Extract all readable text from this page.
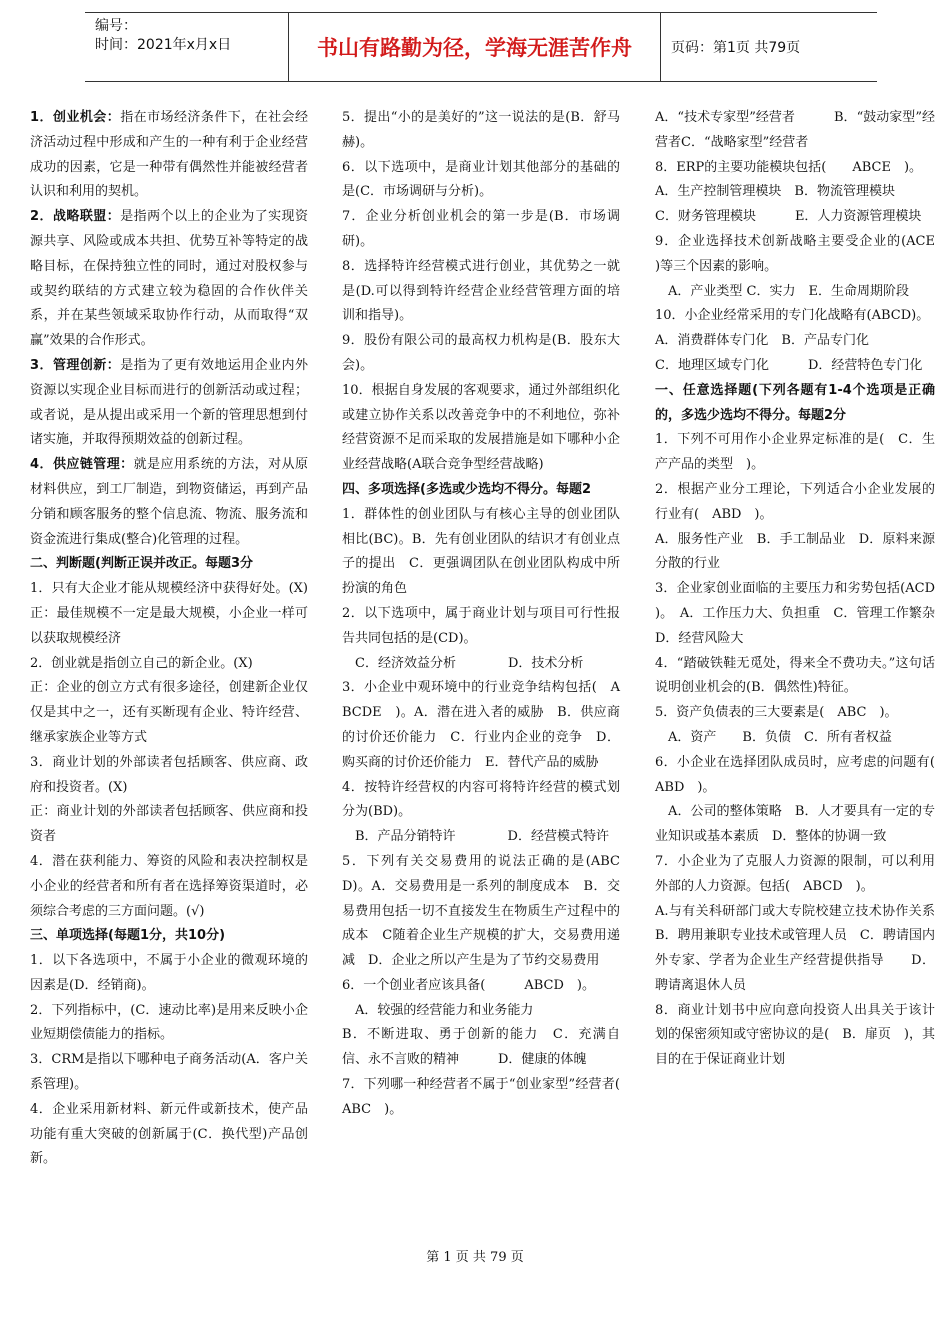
编号：
时间：2021年x月x日	书山有路勤为径，学海无涯苦作舟	页码：第1页 共79页

1．创业机会：指在市场经济条件下，在社会经济活动过程中形成和产生的一种有利于企业经营成功的因素，它是一种带有偶然性并能被经营者认识和利用的契机。

2．战略联盟：是指两个以上的企业为了实现资源共享、风险或成本共担、优势互补等特定的战略目标，在保持独立性的同时，通过对股权参与或契约联结的方式建立较为稳固的合作伙伴关系，并在某些领域采取协作行动，从而取得“双赢”效果的合作形式。

3．管理创新：是指为了更有效地运用企业内外资源以实现企业目标而进行的创新活动或过程；或者说，是从提出或采用一个新的管理思想到付诸实施，并取得预期效益的创新过程。

4．供应链管理：就是应用系统的方法，对从原材料供应，到工厂制造，到物资储运，再到产品分销和顾客服务的整个信息流、物流、服务流和资金流进行集成(整合)化管理的过程。

二、判断题(判断正误并改正。每题3分

1．只有大企业才能从规模经济中获得好处。(X)　正：最佳规模不一定是最大规模，小企业一样可以获取规模经济

2．创业就是指创立自己的新企业。(X)

正：企业的创立方式有很多途径，创建新企业仅仅是其中之一，还有买断现有企业、特许经营、继承家族企业等方式

3．商业计划的外部读者包括顾客、供应商、政府和投资者。(X)

正：商业计划的外部读者包括顾客、供应商和投资者

4．潜在获利能力、筹资的风险和表决控制权是小企业的经营者和所有者在选择筹资渠道时，必须综合考虑的三方面问题。(√)

三、单项选择(每题1分，共10分)

1．以下各选项中，不属于小企业的微观环境的因素是(D．经销商)。

2．下列指标中，(C．速动比率)是用来反映小企业短期偿债能力的指标。

3．CRM是指以下哪种电子商务活动(A．客户关系管理)。

4．企业采用新材料、新元件或新技术，使产品功能有重大突破的创新属于(C．换代型)产品创新。

5．提出“小的是美好的”这一说法的是(B．舒马赫)。

6．以下选项中，是商业计划其他部分的基础的是(C．市场调研与分析)。

7．企业分析创业机会的第一步是(B．市场调研)。

8．选择特许经营模式进行创业，其优势之一就是(D.可以得到特许经营企业经营管理方面的培训和指导)。

9．股份有限公司的最高权力机构是(B．股东大会)。

10．根据自身发展的客观要求，通过外部组织化或建立协作关系以改善竞争中的不利地位，弥补经营资源不足而采取的发展措施是如下哪种小企业经营战略(A联合竞争型经营战略)

四、多项选择(多选或少选均不得分。每题2

1．群体性的创业团队与有核心主导的创业团队相比(BC)。B．先有创业团队的结识才有创业点子的提出　C．更强调团队在创业团队构成中所扮演的角色

2．以下选项中，属于商业计划与项目可行性报告共同包括的是(CD)。

　C．经济效益分析　　　　D．技术分析

3．小企业中观环境中的行业竞争结构包括(　ABCDE　)。A．潜在进入者的威胁　B．供应商的讨价还价能力　C．行业内企业的竞争　D．购买商的讨价还价能力　E．替代产品的威胁

4．按特许经营权的内容可将特许经营的模式划分为(BD)。

　B．产品分销特许　　　　D．经营模式特许

5．下列有关交易费用的说法正确的是(ABCD)。A．交易费用是一系列的制度成本　B．交易费用包括一切不直接发生在物质生产过程中的成本　C随着企业生产规模的扩大，交易费用递减　D．企业之所以产生是为了节约交易费用

6．一个创业者应该具备(　　　ABCD　)。

　A．较强的经营能力和业务能力

B．不断进取、勇于创新的能力　C．充满自信、永不言败的精神　　　D．健康的体魄

7．下列哪一种经营者不属于“创业家型”经营者(　　　ABC　)。

A．“技术专家型”经营者　　　B．“鼓动家型”经营者C．“战略家型”经营者

8．ERP的主要功能模块包括(　　ABCE　)。

A．生产控制管理模块　B．物流管理模块

C．财务管理模块　　　E．人力资源管理模块

9．企业选择技术创新战略主要受企业的(ACE　)等三个因素的影响。

　A．产业类型 C．实力　E．生命周期阶段

10．小企业经常采用的专门化战略有(ABCD)。

A．消费群体专门化　B．产品专门化

C．地理区域专门化　　　D．经营特色专门化

一、任意选择题(下列各题有1-4个选项是正确的，多选少选均不得分。每题2分

1．下列不可用作小企业界定标准的是(　C．生产产品的类型　)。

2．根据产业分工理论，下列适合小企业发展的行业有(　ABD　)。

A．服务性产业　B．手工制品业　D．原料来源分散的行业

3．企业家创业面临的主要压力和劣势包括(ACD　)。　A．工作压力大、负担重　C．管理工作繁杂　D．经营风险大

4．“踏破铁鞋无觅处，得来全不费功夫。”这句话说明创业机会的(B．偶然性)特征。

5．资产负债表的三大要素是(　ABC　)。

　A．资产　　B．负债　C．所有者权益

6．小企业在选择团队成员时，应考虑的问题有(　ABD　)。

　A．公司的整体策略　B．人才要具有一定的专业知识或基本素质　D．整体的协调一致

7．小企业为了克服人力资源的限制，可以利用外部的人力资源。包括(　ABCD　)。

A.与有关科研部门或大专院校建立技术协作关系　B．聘用兼职专业技术或管理人员　C．聘请国内外专家、学者为企业生产经营提供指导　　D．聘请离退休人员

8．商业计划书中应向意向投资人出具关于该计划的保密须知或守密协议的是(　B．扉页　)，其目的在于保证商业计划

第 1 页 共 79 页
